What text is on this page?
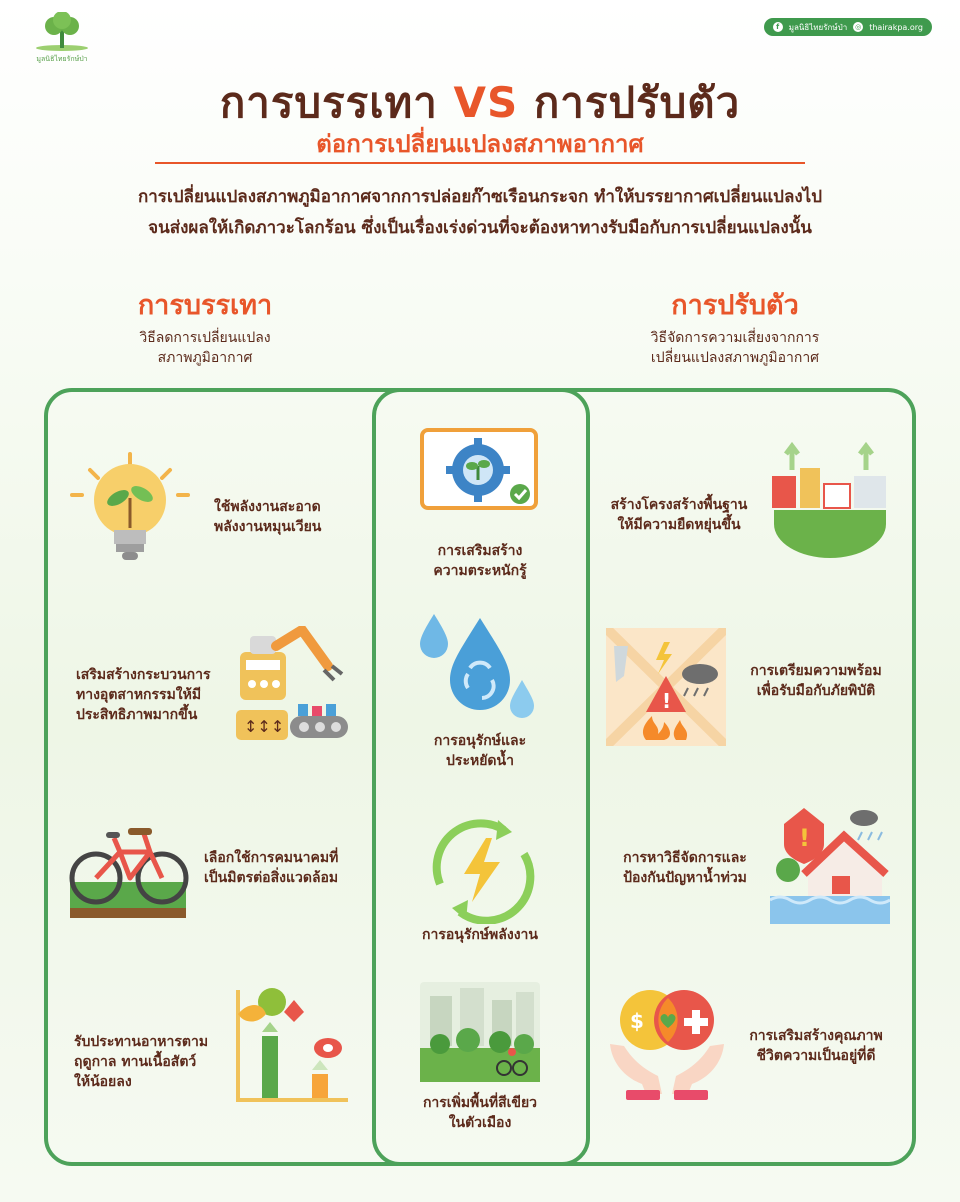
มูลนิธิไทยรักษ์ป่า
f	มูลนิธิไทยรักษ์ป่า ◎ thairakpa.org
การบรรเทา VS การปรับตัว
ต่อการเปลี่ยนแปลงสภาพอากาศ
การเปลี่ยนแปลงสภาพภูมิอากาศจากการปล่อยก๊าซเรือนกระจก ทำให้บรรยากาศเปลี่ยนแปลงไป
จนส่งผลให้เกิดภาวะโลกร้อน ซึ่งเป็นเรื่องเร่งด่วนที่จะต้องหาทางรับมือกับการเปลี่ยนแปลงนั้น
การบรรเทา
วิธีลดการเปลี่ยนแปลง
สภาพภูมิอากาศ
การปรับตัว
วิธีจัดการความเสี่ยงจากการ
เปลี่ยนแปลงสภาพภูมิอากาศ
ใช้พลังงานสะอาด
พลังงานหมุนเวียน
เสริมสร้างกระบวนการ
ทางอุตสาหกรรมให้มี
ประสิทธิภาพมากขึ้น
↕↕↕
เลือกใช้การคมนาคมที่
เป็นมิตรต่อสิ่งแวดล้อม
รับประทานอาหารตาม
ฤดูกาล ทานเนื้อสัตว์
ให้น้อยลง
การเสริมสร้าง
ความตระหนักรู้
การอนุรักษ์และ
ประหยัดน้ำ
การอนุรักษ์พลังงาน
การเพิ่มพื้นที่สีเขียว
ในตัวเมือง
สร้างโครงสร้างพื้นฐาน
ให้มีความยืดหยุ่นขึ้น
!
การเตรียมความพร้อม
เพื่อรับมือกับภัยพิบัติ
การหาวิธีจัดการและ
ป้องกันปัญหาน้ำท่วม
!
$
การเสริมสร้างคุณภาพ
ชีวิตความเป็นอยู่ที่ดี
